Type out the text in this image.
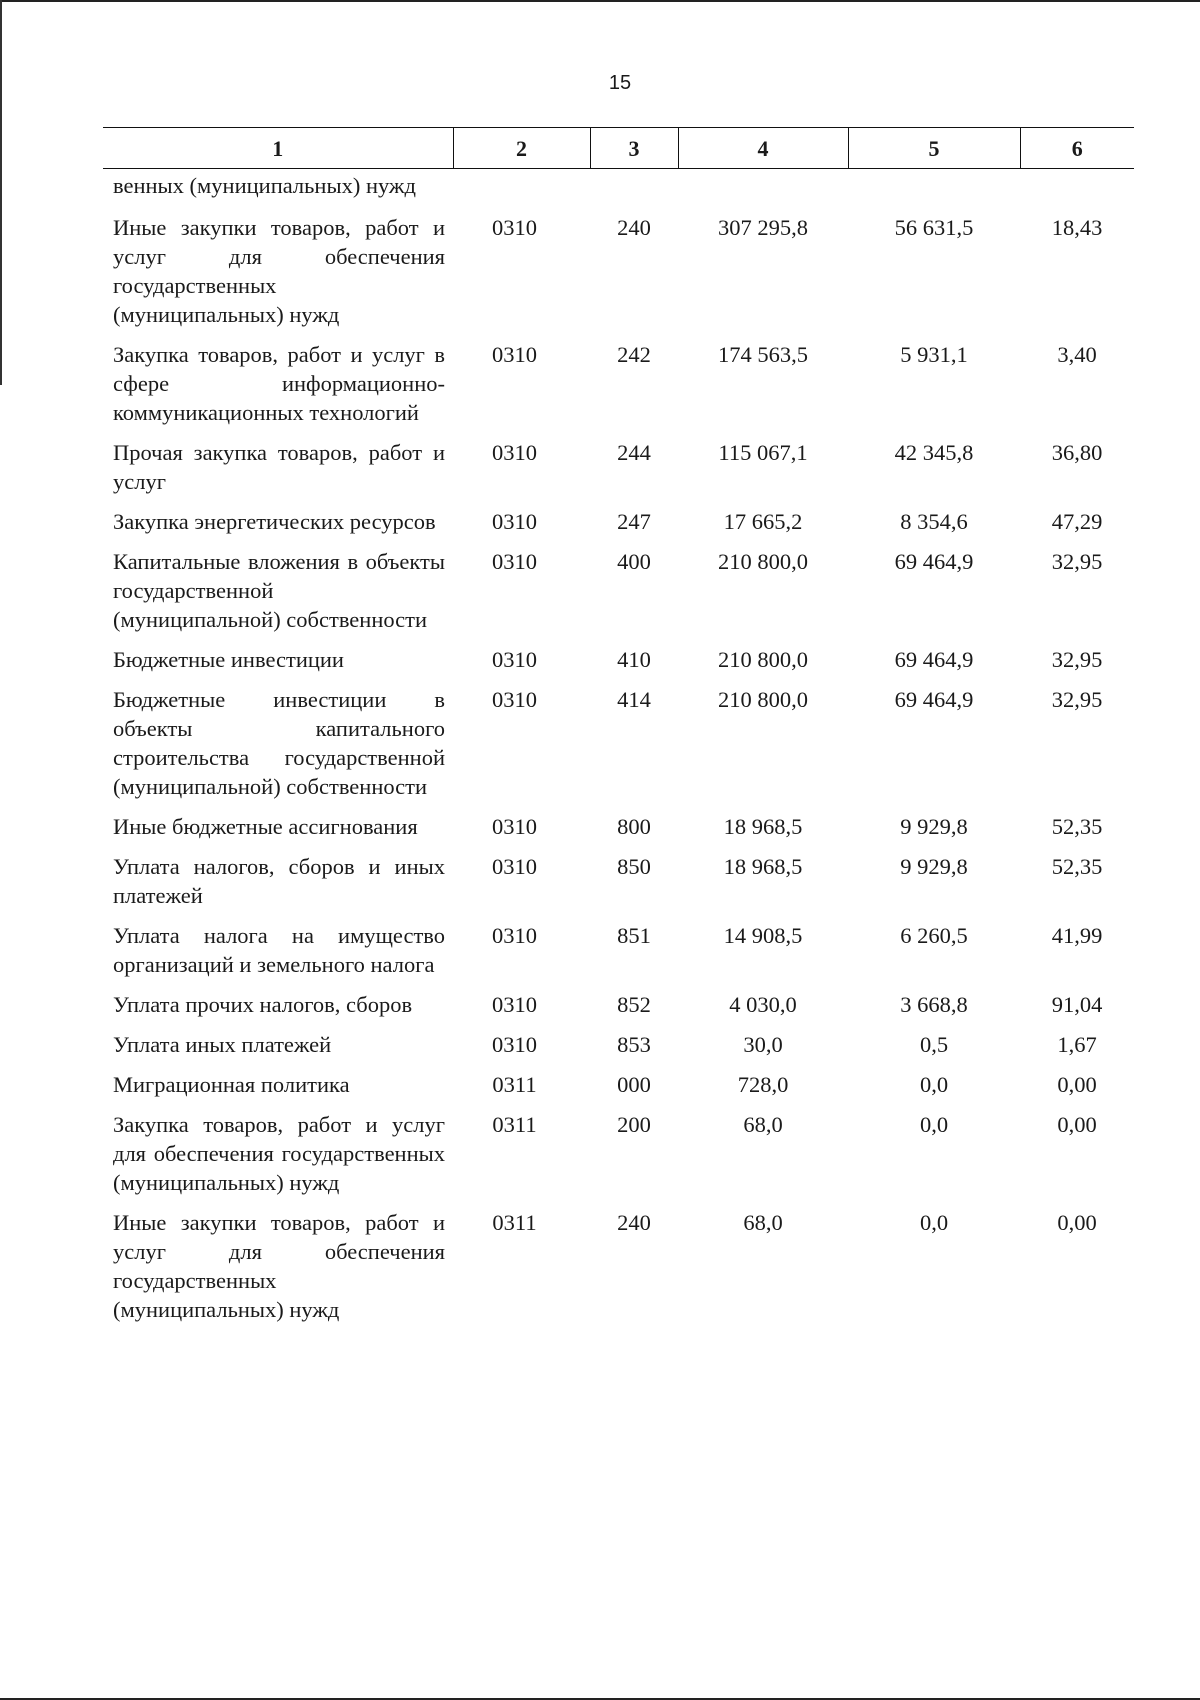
15
1	2	3	4	5	6
венных (муниципальных) нужд					
Иные закупки товаров, работ и услуг для обеспечения государственных (муниципальных) нужд	0310	240	307 295,8	56 631,5	18,43
Закупка товаров, работ и услуг в сфере информационно-коммуникационных технологий	0310	242	174 563,5	5 931,1	3,40
Прочая закупка товаров, работ и услуг	0310	244	115 067,1	42 345,8	36,80
Закупка энергетических ресурсов	0310	247	17 665,2	8 354,6	47,29
Капитальные вложения в объекты государственной (муниципальной) собственности	0310	400	210 800,0	69 464,9	32,95
Бюджетные инвестиции	0310	410	210 800,0	69 464,9	32,95
Бюджетные инвестиции в объекты капитального строительства государственной (муниципальной) собственности	0310	414	210 800,0	69 464,9	32,95
Иные бюджетные ассигнования	0310	800	18 968,5	9 929,8	52,35
Уплата налогов, сборов и иных платежей	0310	850	18 968,5	9 929,8	52,35
Уплата налога на имущество организаций и земельного налога	0310	851	14 908,5	6 260,5	41,99
Уплата прочих налогов, сборов	0310	852	4 030,0	3 668,8	91,04
Уплата иных платежей	0310	853	30,0	0,5	1,67
Миграционная политика	0311	000	728,0	0,0	0,00
Закупка товаров, работ и услуг для обеспечения государственных (муниципальных) нужд	0311	200	68,0	0,0	0,00
Иные закупки товаров, работ и услуг для обеспечения государственных (муниципальных) нужд	0311	240	68,0	0,0	0,00
